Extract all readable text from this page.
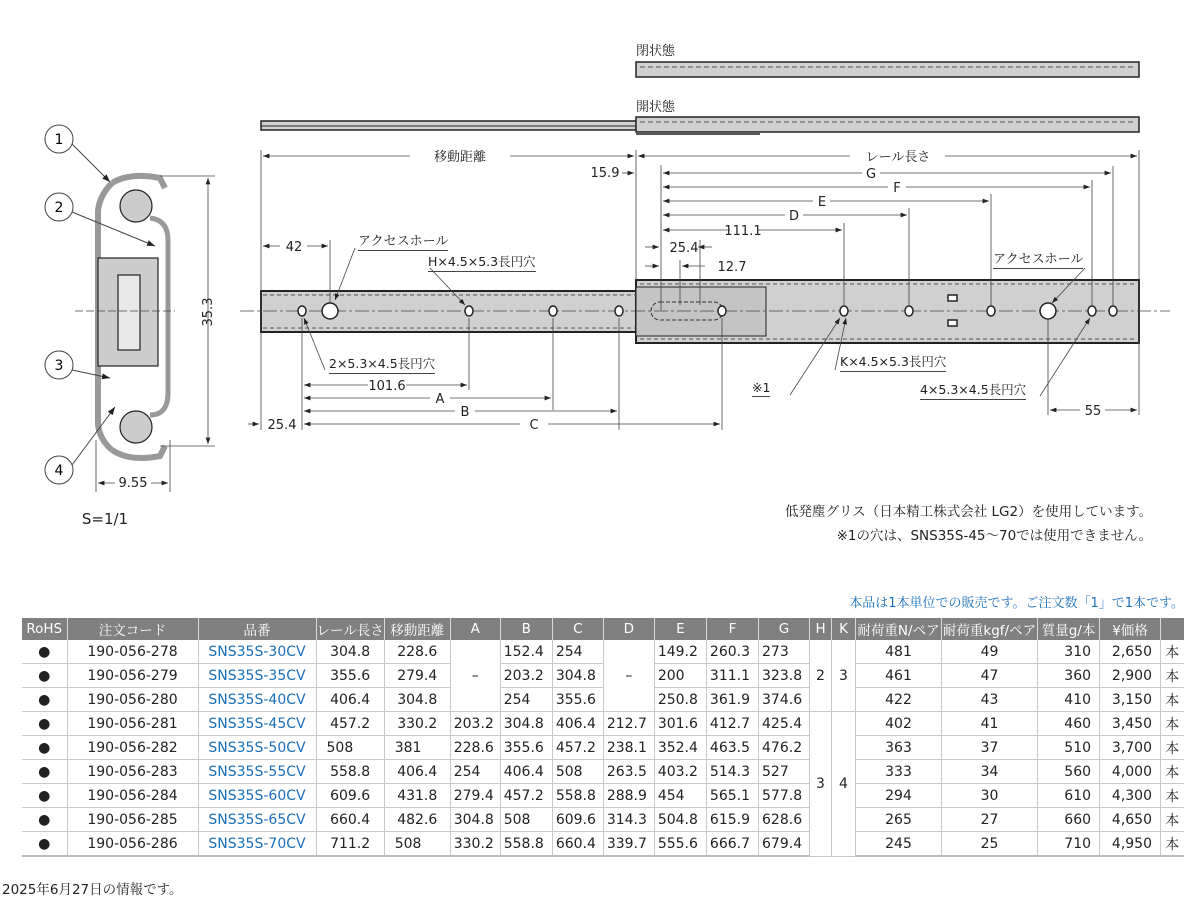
1
2
3
4
35.3
9.55
S=1/1
移動距離	レール長さ
15.9	G
F
E
D
111.1
25.4
12.7
42
101.6
A
B
C
25.4
55
閉状態
開状態
アクセスホール
H×4.5×5.3長円穴
2×5.3×4.5長円穴
アクセスホール
K×4.5×5.3長円穴
4×5.3×4.5長円穴
※1
低発塵グリス（日本精工株式会社 LG2）を使用しています。
※1の穴は、SNS35S-45〜70では使用できません。
本品は1本単位での販売です。ご注文数「1」で1本です。
RoHS	注文コード	品番	レール長さ	移動距離	A	B	C	D	E	F	G	H	K	耐荷重N/ペア	耐荷重kgf/ペア	質量g/本	¥価格	
●	190-056-278	SNS35S-30CV	304.8	228.6	–	152.4	254	–	149.2	260.3	273	2	3	481	49	310	2,650	本
●	190-056-279	SNS35S-35CV	355.6	279.4		203.2	304.8		200	311.1	323.8			461	47	360	2,900	本
●	190-056-280	SNS35S-40CV	406.4	304.8		254	355.6		250.8	361.9	374.6			422	43	410	3,150	本
●	190-056-281	SNS35S-45CV	457.2	330.2	203.2	304.8	406.4	212.7	301.6	412.7	425.4	3	4	402	41	460	3,450	本
●	190-056-282	SNS35S-50CV	508	381	228.6	355.6	457.2	238.1	352.4	463.5	476.2			363	37	510	3,700	本
●	190-056-283	SNS35S-55CV	558.8	406.4	254	406.4	508	263.5	403.2	514.3	527			333	34	560	4,000	本
●	190-056-284	SNS35S-60CV	609.6	431.8	279.4	457.2	558.8	288.9	454	565.1	577.8			294	30	610	4,300	本
●	190-056-285	SNS35S-65CV	660.4	482.6	304.8	508	609.6	314.3	504.8	615.9	628.6			265	27	660	4,650	本
●	190-056-286	SNS35S-70CV	711.2	508	330.2	558.8	660.4	339.7	555.6	666.7	679.4			245	25	710	4,950	本
2025年6月27日の情報です。
